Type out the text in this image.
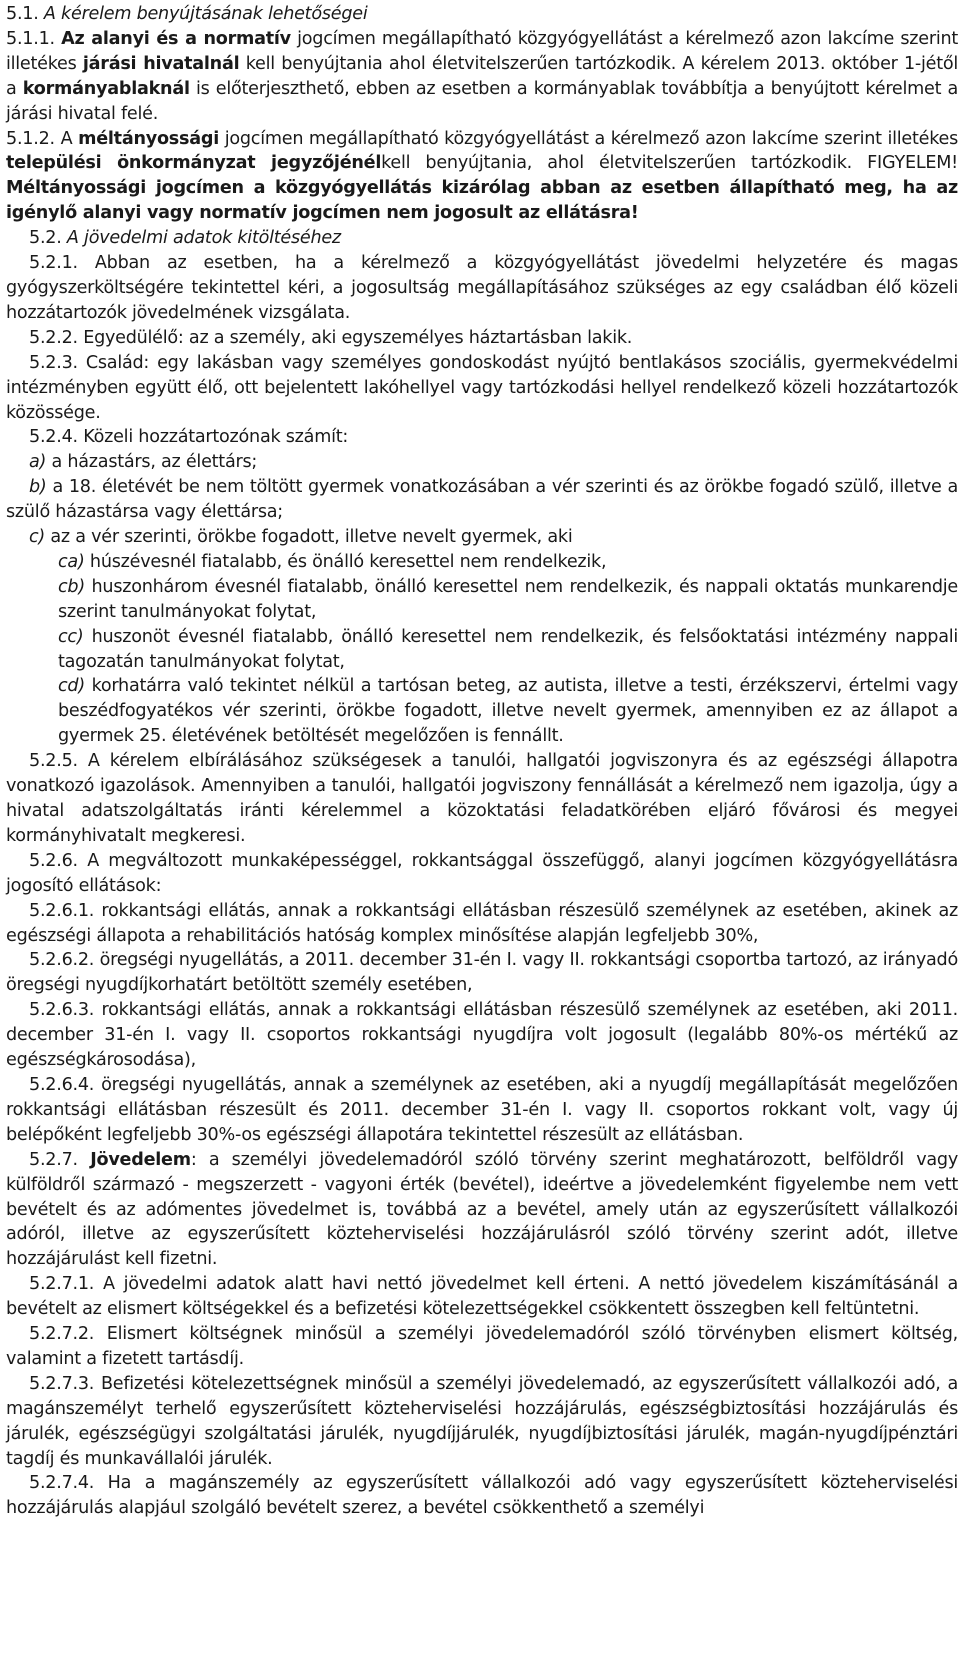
5.1. A kérelem benyújtásának lehetőségei

5.1.1. Az alanyi és a normatív jogcímen megállapítható közgyógyellátást a kérelmező azon lakcíme szerint illetékes járási hivatalnál kell benyújtania ahol életvitelszerűen tartózkodik. A kérelem 2013. október 1-jétől a kormányablaknál is előterjeszthető, ebben az esetben a kormányablak továbbítja a benyújtott kérelmet a járási hivatal felé.

5.1.2. A méltányossági jogcímen megállapítható közgyógyellátást a kérelmező azon lakcíme szerint illetékes települési önkormányzat jegyzőjénélkell benyújtania, ahol életvitelszerűen tartózkodik. FIGYELEM! Méltányossági jogcímen a közgyógyellátás kizárólag abban az esetben állapítható meg, ha az igénylő alanyi vagy normatív jogcímen nem jogosult az ellátásra!

5.2. A jövedelmi adatok kitöltéséhez

5.2.1. Abban az esetben, ha a kérelmező a közgyógyellátást jövedelmi helyzetére és magas gyógyszerköltségére tekintettel kéri, a jogosultság megállapításához szükséges az egy családban élő közeli hozzátartozók jövedelmének vizsgálata.

5.2.2. Egyedülélő: az a személy, aki egyszemélyes háztartásban lakik.

5.2.3. Család: egy lakásban vagy személyes gondoskodást nyújtó bentlakásos szociális, gyermekvédelmi intézményben együtt élő, ott bejelentett lakóhellyel vagy tartózkodási hellyel rendelkező közeli hozzátartozók közössége.

5.2.4. Közeli hozzátartozónak számít:

a) a házastárs, az élettárs;

b) a 18. életévét be nem töltött gyermek vonatkozásában a vér szerinti és az örökbe fogadó szülő, illetve a szülő házastársa vagy élettársa;

c) az a vér szerinti, örökbe fogadott, illetve nevelt gyermek, aki

ca) húszévesnél fiatalabb, és önálló keresettel nem rendelkezik,

cb) huszonhárom évesnél fiatalabb, önálló keresettel nem rendelkezik, és nappali oktatás munkarendje szerint tanulmányokat folytat,

cc) huszonöt évesnél fiatalabb, önálló keresettel nem rendelkezik, és felsőoktatási intézmény nappali tagozatán tanulmányokat folytat,

cd) korhatárra való tekintet nélkül a tartósan beteg, az autista, illetve a testi, érzékszervi, értelmi vagy beszédfogyatékos vér szerinti, örökbe fogadott, illetve nevelt gyermek, amennyiben ez az állapot a gyermek 25. életévének betöltését megelőzően is fennállt.

5.2.5. A kérelem elbírálásához szükségesek a tanulói, hallgatói jogviszonyra és az egészségi állapotra vonatkozó igazolások. Amennyiben a tanulói, hallgatói jogviszony fennállását a kérelmező nem igazolja, úgy a hivatal adatszolgáltatás iránti kérelemmel a közoktatási feladatkörében eljáró fővárosi és megyei kormányhivatalt megkeresi.

5.2.6. A megváltozott munkaképességgel, rokkantsággal összefüggő, alanyi jogcímen közgyógyellátásra jogosító ellátások:

5.2.6.1. rokkantsági ellátás, annak a rokkantsági ellátásban részesülő személynek az esetében, akinek az egészségi állapota a rehabilitációs hatóság komplex minősítése alapján legfeljebb 30%,

5.2.6.2. öregségi nyugellátás, a 2011. december 31-én I. vagy II. rokkantsági csoportba tartozó, az irányadó öregségi nyugdíjkorhatárt betöltött személy esetében,

5.2.6.3. rokkantsági ellátás, annak a rokkantsági ellátásban részesülő személynek az esetében, aki 2011. december 31-én I. vagy II. csoportos rokkantsági nyugdíjra volt jogosult (legalább 80%-os mértékű az egészségkárosodása),

5.2.6.4. öregségi nyugellátás, annak a személynek az esetében, aki a nyugdíj megállapítását megelőzően rokkantsági ellátásban részesült és 2011. december 31-én I. vagy II. csoportos rokkant volt, vagy új belépőként legfeljebb 30%-os egészségi állapotára tekintettel részesült az ellátásban.

5.2.7. Jövedelem: a személyi jövedelemadóról szóló törvény szerint meghatározott, belföldről vagy külföldről származó - megszerzett - vagyoni érték (bevétel), ideértve a jövedelemként figyelembe nem vett bevételt és az adómentes jövedelmet is, továbbá az a bevétel, amely után az egyszerűsített vállalkozói adóról, illetve az egyszerűsített közteherviselési hozzájárulásról szóló törvény szerint adót, illetve hozzájárulást kell fizetni.

5.2.7.1. A jövedelmi adatok alatt havi nettó jövedelmet kell érteni. A nettó jövedelem kiszámításánál a bevételt az elismert költségekkel és a befizetési kötelezettségekkel csökkentett összegben kell feltüntetni.

5.2.7.2. Elismert költségnek minősül a személyi jövedelemadóról szóló törvényben elismert költség, valamint a fizetett tartásdíj.

5.2.7.3. Befizetési kötelezettségnek minősül a személyi jövedelemadó, az egyszerűsített vállalkozói adó, a magánszemélyt terhelő egyszerűsített közteherviselési hozzájárulás, egészségbiztosítási hozzájárulás és járulék, egészségügyi szolgáltatási járulék, nyugdíjjárulék, nyugdíjbiztosítási járulék, magán-nyugdíjpénztári tagdíj és munkavállalói járulék.

5.2.7.4. Ha a magánszemély az egyszerűsített vállalkozói adó vagy egyszerűsített közteherviselési hozzájárulás alapjául szolgáló bevételt szerez, a bevétel csökkenthető a személyi
